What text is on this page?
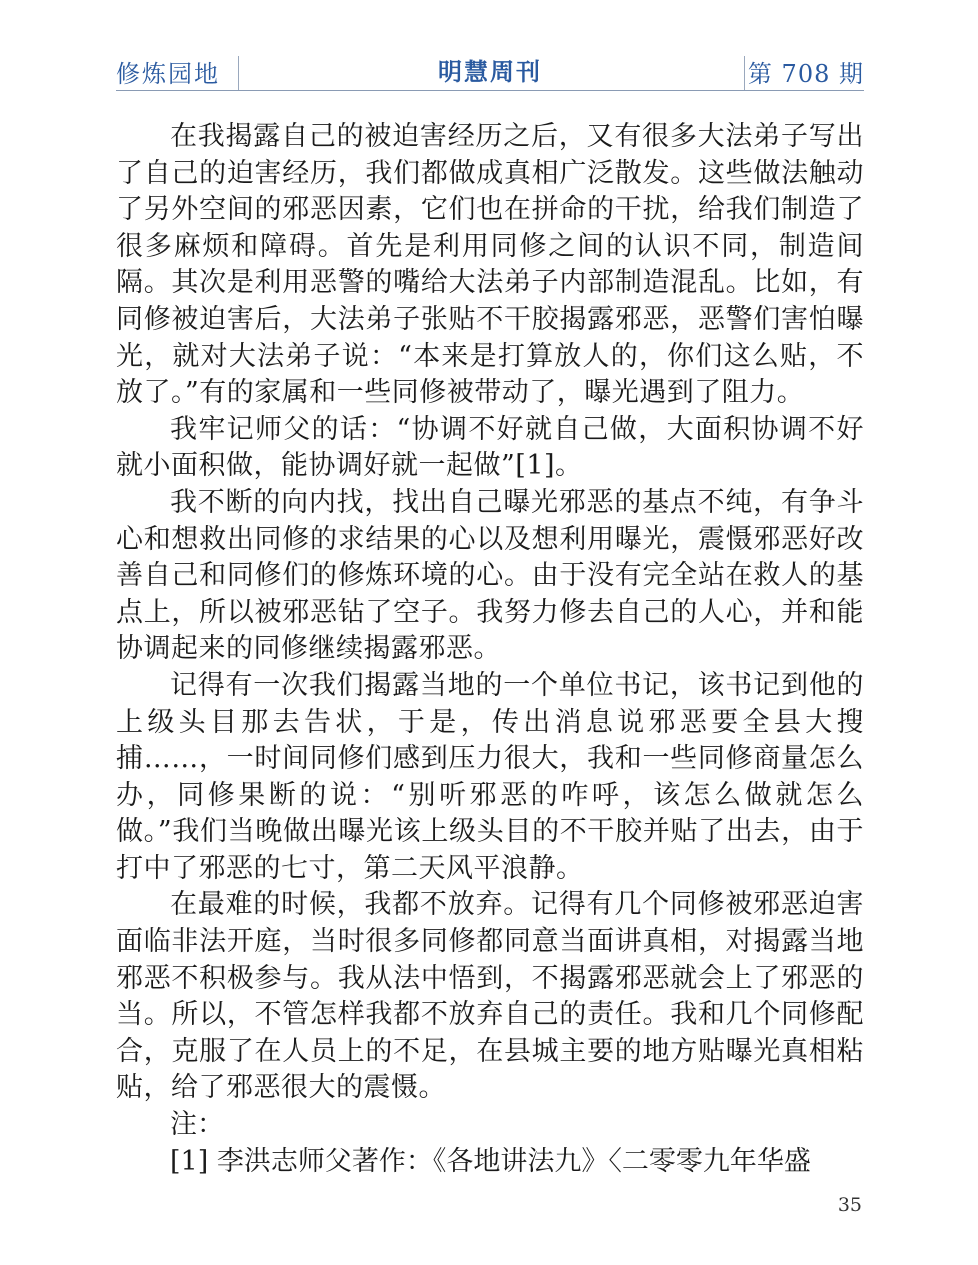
修炼园地	明慧周刊	第 708 期

在我揭露自己的被迫害经历之后，又有很多大法弟子写出了自己的迫害经历，我们都做成真相广泛散发。这些做法触动了另外空间的邪恶因素，它们也在拼命的干扰，给我们制造了很多麻烦和障碍。首先是利用同修之间的认识不同，制造间隔。其次是利用恶警的嘴给大法弟子内部制造混乱。比如，有同修被迫害后，大法弟子张贴不干胶揭露邪恶，恶警们害怕曝光，就对大法弟子说：“本来是打算放人的，你们这么贴，不放了。”有的家属和一些同修被带动了，曝光遇到了阻力。

我牢记师父的话：“协调不好就自己做，大面积协调不好就小面积做，能协调好就一起做”[1]。

我不断的向内找，找出自己曝光邪恶的基点不纯，有争斗心和想救出同修的求结果的心以及想利用曝光，震慑邪恶好改善自己和同修们的修炼环境的心。由于没有完全站在救人的基点上，所以被邪恶钻了空子。我努力修去自己的人心，并和能协调起来的同修继续揭露邪恶。

记得有一次我们揭露当地的一个单位书记，该书记到他的上级头目那去告状，于是，传出消息说邪恶要全县大搜捕……，一时间同修们感到压力很大，我和一些同修商量怎么办，同修果断的说：“别听邪恶的咋呼，该怎么做就怎么做。”我们当晚做出曝光该上级头目的不干胶并贴了出去，由于打中了邪恶的七寸，第二天风平浪静。

在最难的时候，我都不放弃。记得有几个同修被邪恶迫害面临非法开庭，当时很多同修都同意当面讲真相，对揭露当地邪恶不积极参与。我从法中悟到，不揭露邪恶就会上了邪恶的当。所以，不管怎样我都不放弃自己的责任。我和几个同修配合，克服了在人员上的不足，在县城主要的地方贴曝光真相粘贴，给了邪恶很大的震慑。

注：

[1] 李洪志师父著作：《各地讲法九》〈二零零九年华盛

35
